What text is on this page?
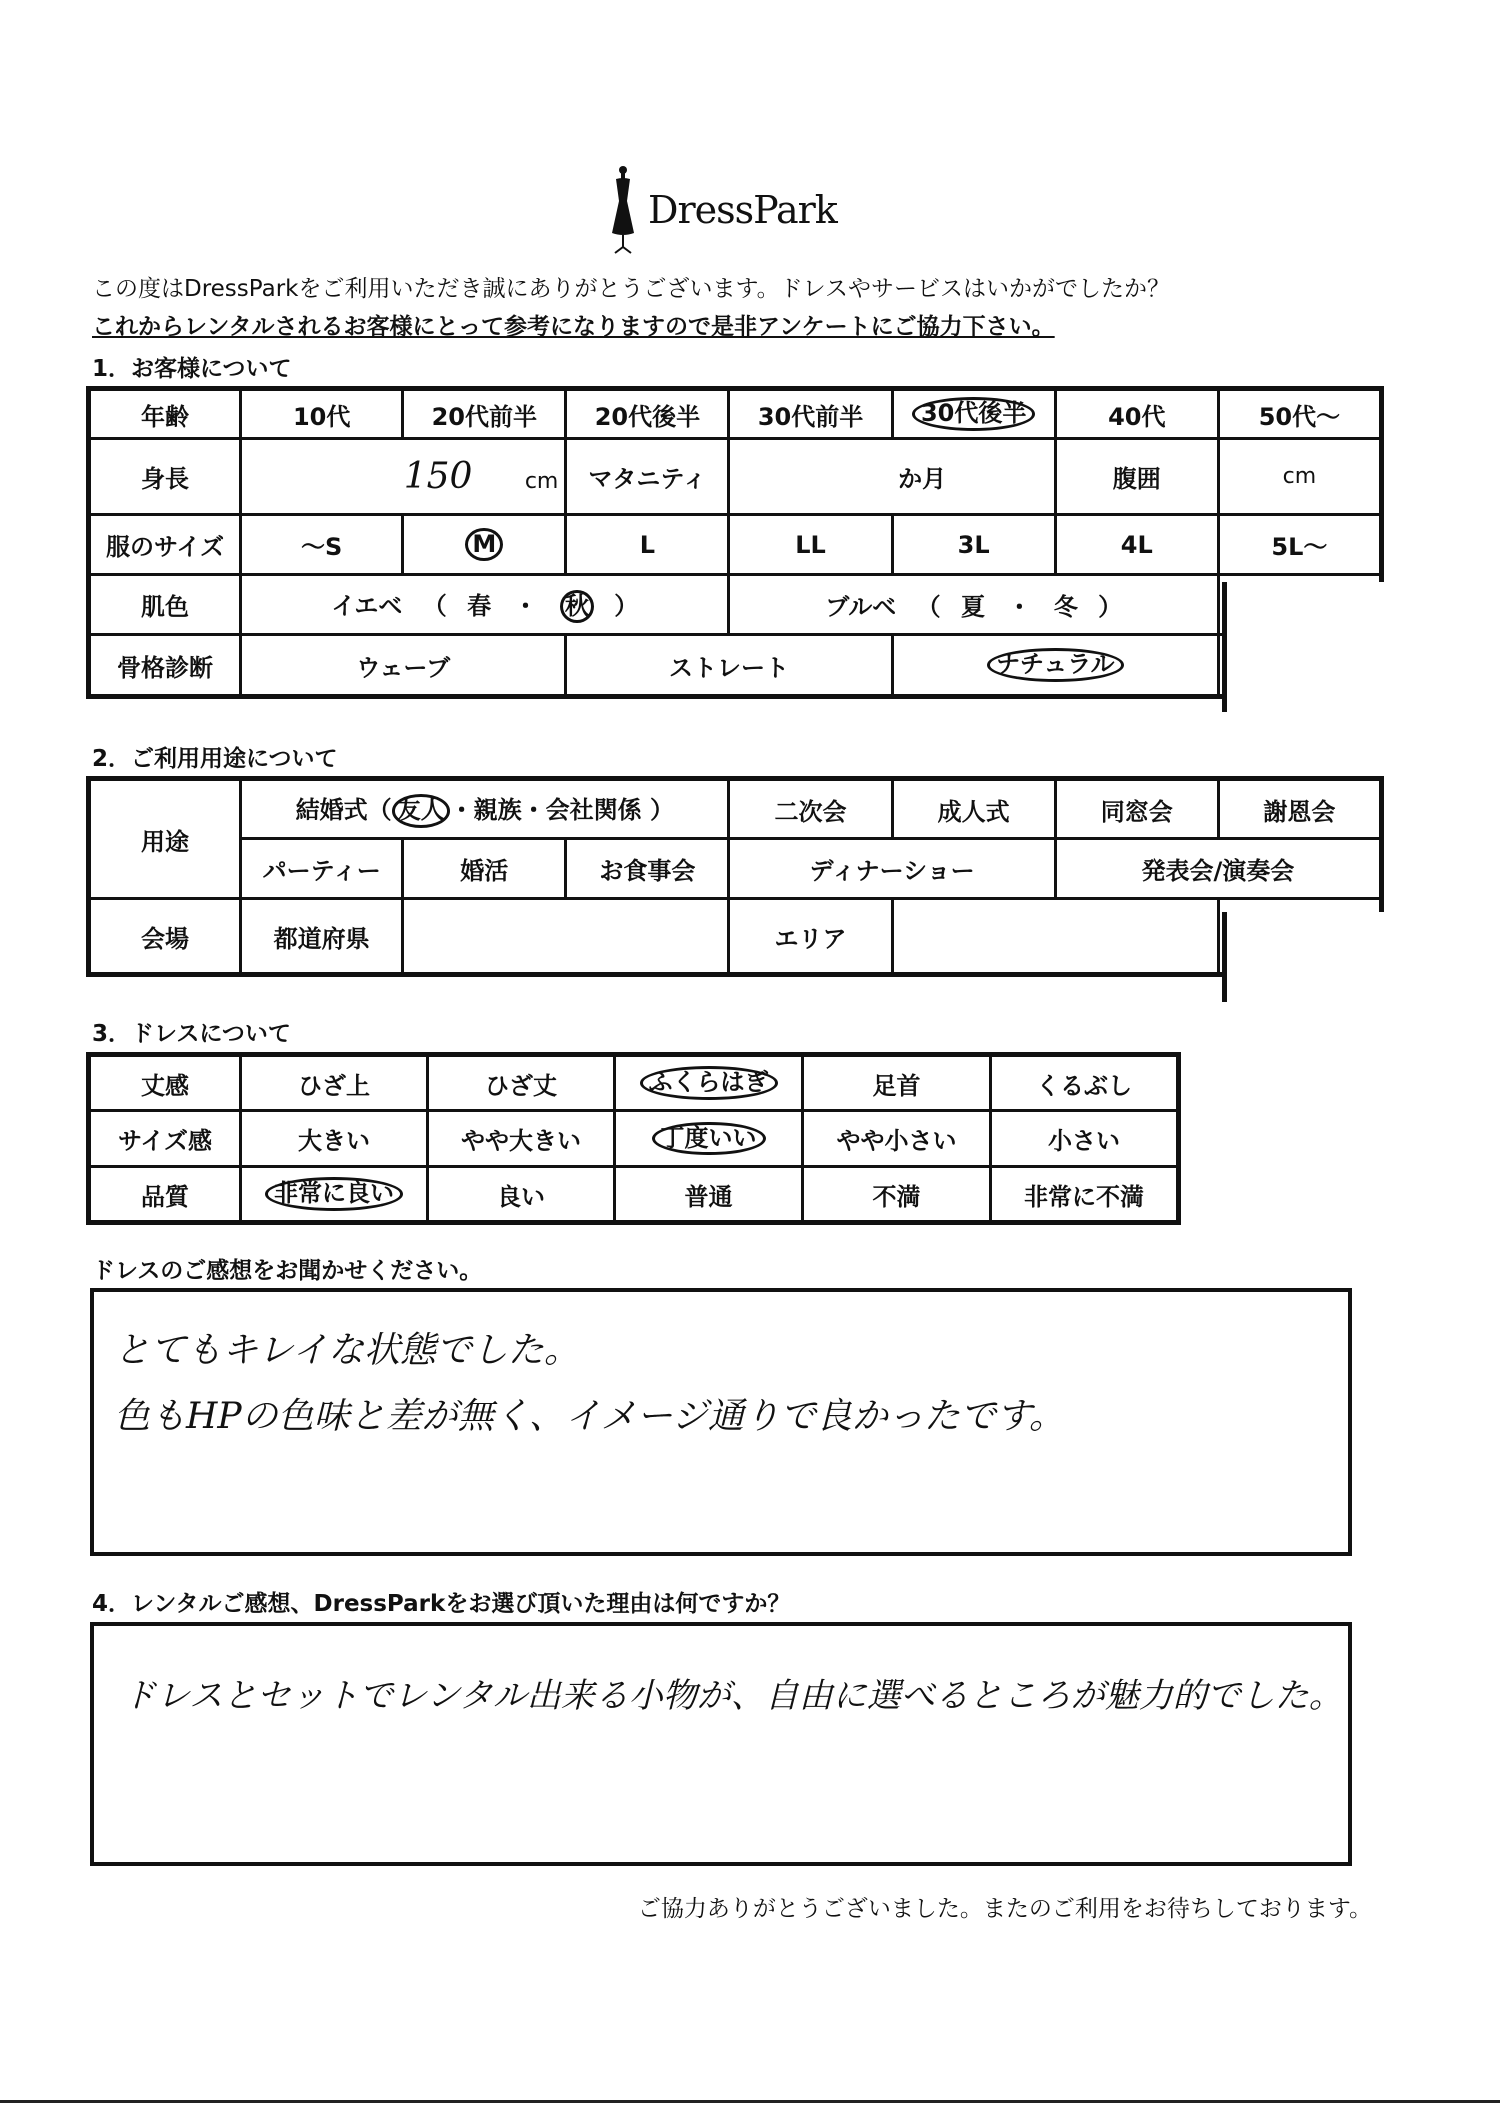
DressPark
この度はDressParkをご利用いただき誠にありがとうございます。ドレスやサービスはいかがでしたか？
これからレンタルされるお客様にとって参考になりますので是非アンケートにご協力下さい。
1．お客様について
年齢	10代	20代前半	20代後半	30代前半	30代後半	40代	50代～
身長	150 cm		マタニティ	か月		腹囲	cm
服のサイズ	～S	M	L	LL	3L	4L	5L～
肌色	イエベ （ 春 ・ 秋 ）			ブルベ （ 夏 ・ 冬 ）			
骨格診断	ウェーブ		ストレート		ナチュラル		
2．ご利用用途について
用途	結婚式（ 友人 ・親族・会社関係 ）			二次会	成人式	同窓会	謝恩会
	パーティー	婚活	お食事会	ディナーショー		発表会/演奏会	
会場	都道府県			エリア			
3．ドレスについて
丈感	ひざ上	ひざ丈	ふくらはぎ	足首	くるぶし
サイズ感	大きい	やや大きい	丁度いい	やや小さい	小さい
品質	非常に良い	良い	普通	不満	非常に不満
ドレスのご感想をお聞かせください。
とてもキレイな状態でした。
色もHPの色味と差が無く、イメージ通りで良かったです。
4．レンタルご感想、DressParkをお選び頂いた理由は何ですか？
ドレスとセットでレンタル出来る小物が、自由に選べるところが魅力的でした。
ご協力ありがとうございました。またのご利用をお待ちしております。
